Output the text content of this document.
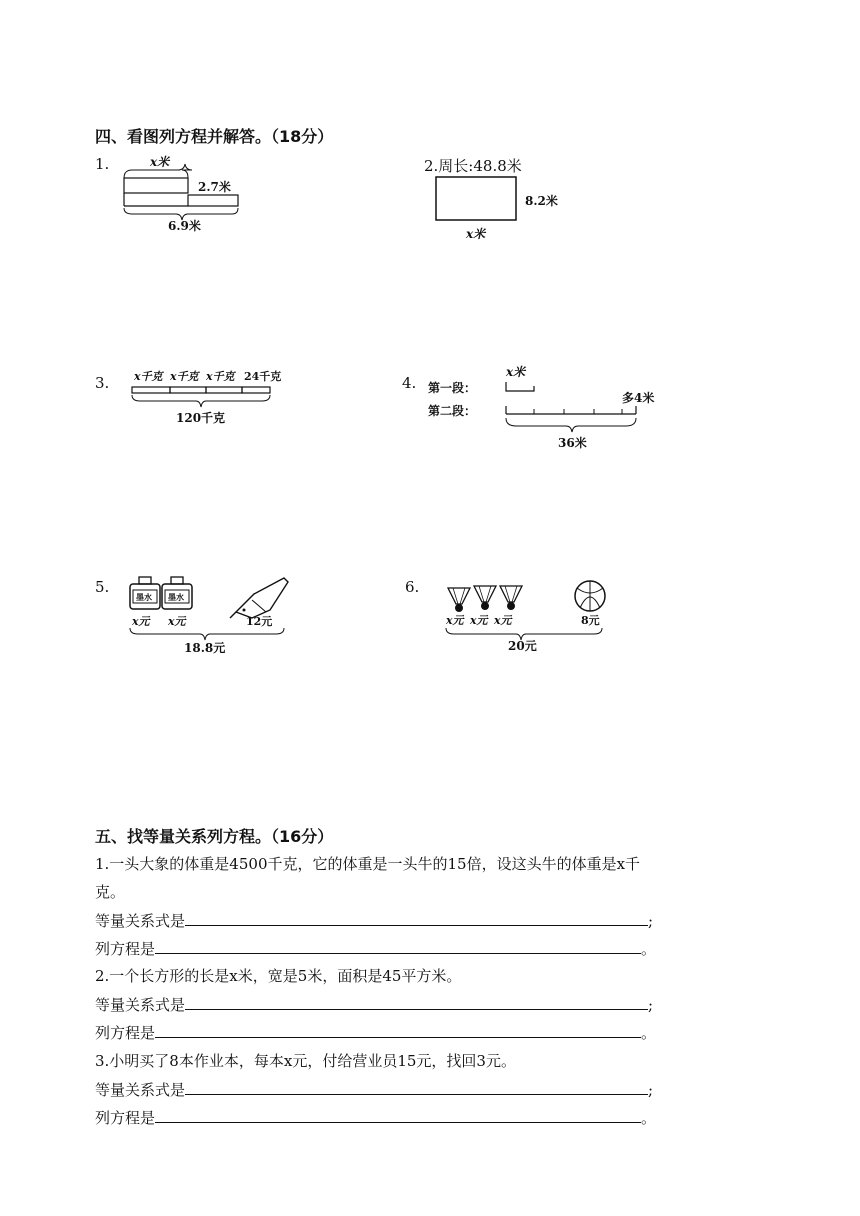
四、看图列方程并解答。（18分）
1.	x米
2.7米
6.9米
2.周长:48.8米
8.2米
x米
3. x千克 x千克 x千克 24千克
120千克
4.
x米
第一段：
第二段：
多4米
36米
5.
墨水 墨水
x元 x元	12元
18.8元
6.
x元 x元 x元	8元
20元
五、找等量关系列方程。（16分）
1.一头大象的体重是4500千克，它的体重是一头牛的15倍，设这头牛的体重是x千
克。
等量关系式是	;
列方程是	。
2.一个长方形的长是x米，宽是5米，面积是45平方米。
等量关系式是	;
列方程是	。
3.小明买了8本作业本，每本x元，付给营业员15元，找回3元。
等量关系式是	;
列方程是	。
